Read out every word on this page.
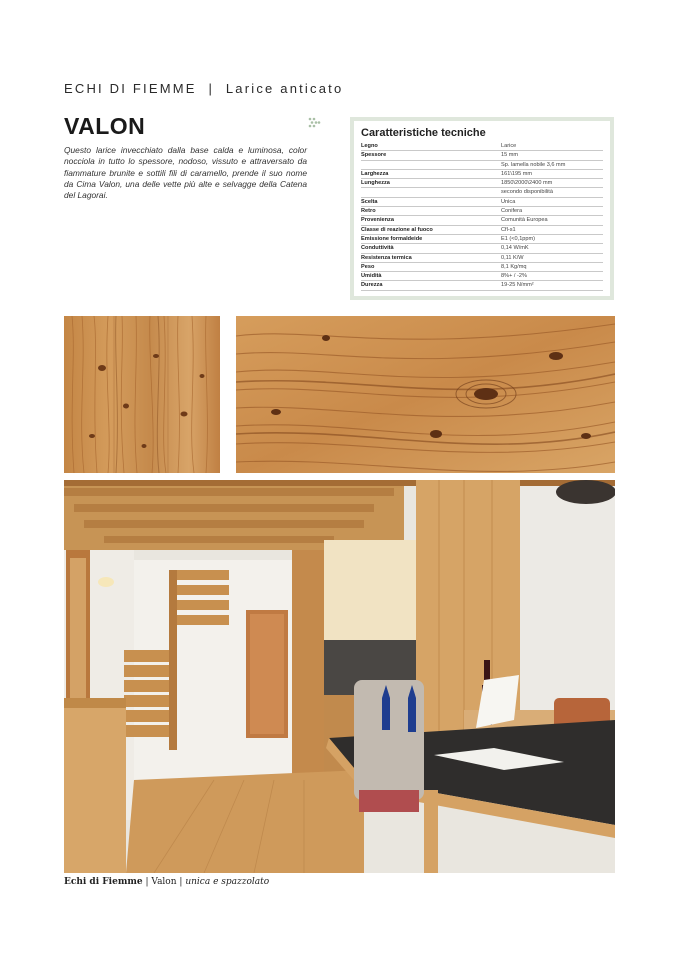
ECHI DI FIEMME | Larice anticato
VALON

Questo larice invecchiato dalla base calda e luminosa, color nocciola in tutto lo spessore, nodoso, vissuto e attraversato da fiammature brunite e sottili fili di caramello, prende il suo nome da Cima Valon, una delle vette più alte e selvagge della Catena del Lagorai.

Caratteristiche tecniche
Legno	Larice
Spessore	15 mm
	Sp. lamella nobile 3,6 mm
Larghezza	161\195 mm
Lunghezza	1850\2000\2400 mm
	secondo disponibilità
Scelta	Unica
Retro	Conifera
Provenienza	Comunità Europea
Classe di reazione al fuoco	Cfl-s1
Emissione formaldeide	E1 (<0,1ppm)
Conduttività	0,14 W/mK
Resistenza termica	0,11 K/W
Peso	8,1 Kg/mq
Umidità	8%+ / -2%
Durezza	19-25 N/mm²
Echi di Fiemme | Valon | unica e spazzolato
